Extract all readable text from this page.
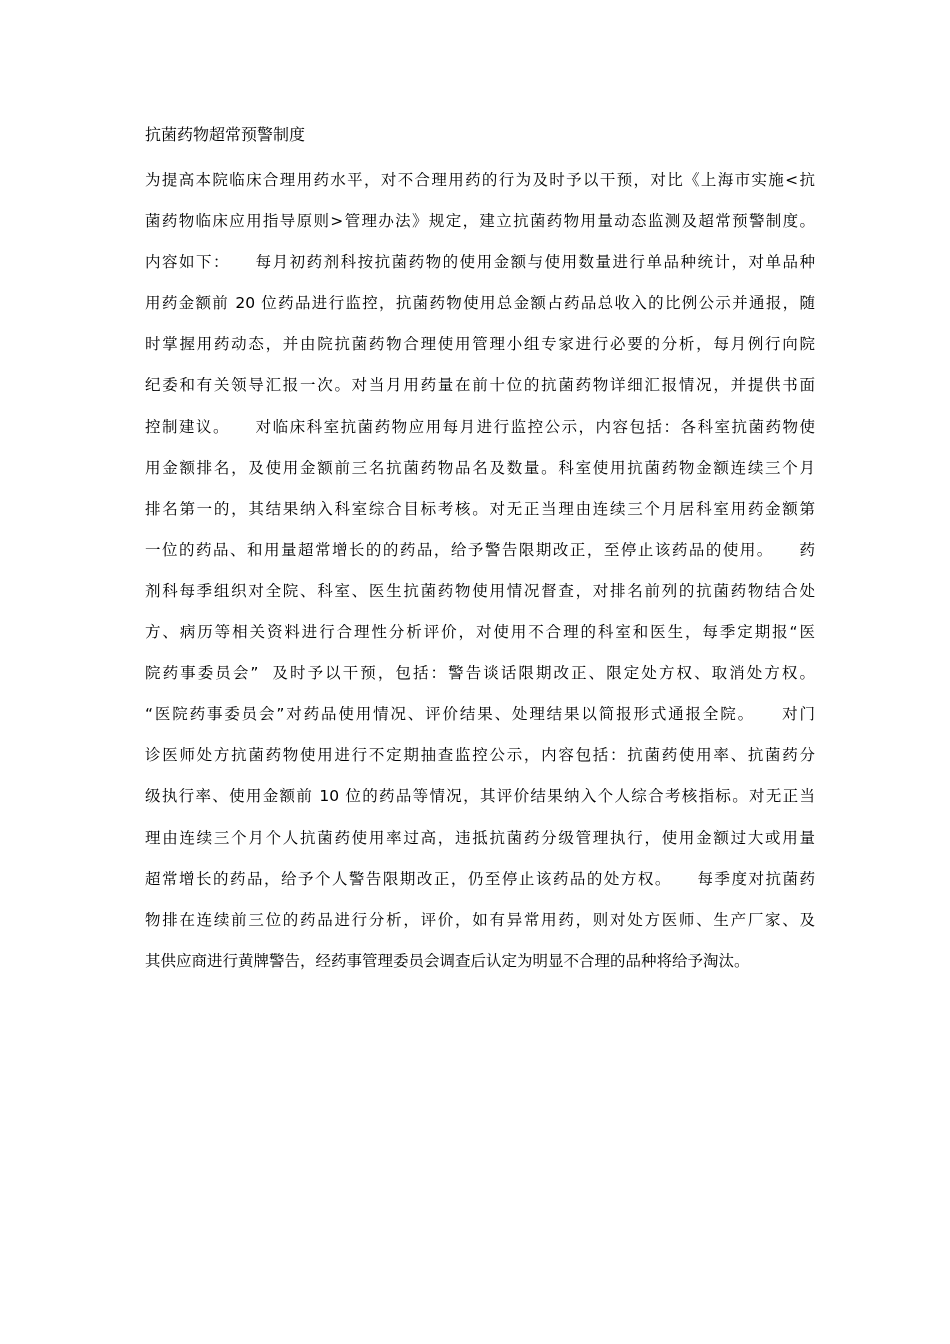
抗菌药物超常预警制度
为提高本院临床合理用药水平，对不合理用药的行为及时予以干预，对比《上海市实施<抗
菌药物临床应用指导原则>管理办法》规定，建立抗菌药物用量动态监测及超常预警制度。
内容如下：    每月初药剂科按抗菌药物的使用金额与使用数量进行单品种统计，对单品种
用药金额前 20 位药品进行监控，抗菌药物使用总金额占药品总收入的比例公示并通报，随
时掌握用药动态，并由院抗菌药物合理使用管理小组专家进行必要的分析，每月例行向院
纪委和有关领导汇报一次。对当月用药量在前十位的抗菌药物详细汇报情况，并提供书面
控制建议。    对临床科室抗菌药物应用每月进行监控公示，内容包括：各科室抗菌药物使
用金额排名，及使用金额前三名抗菌药物品名及数量。科室使用抗菌药物金额连续三个月
排名第一的，其结果纳入科室综合目标考核。对无正当理由连续三个月居科室用药金额第
一位的药品、和用量超常增长的的药品，给予警告限期改正，至停止该药品的使用。    药
剂科每季组织对全院、科室、医生抗菌药物使用情况督查，对排名前列的抗菌药物结合处
方、病历等相关资料进行合理性分析评价，对使用不合理的科室和医生，每季定期报“医
院药事委员会”  及时予以干预，包括：警告谈话限期改正、限定处方权、取消处方权。
“医院药事委员会”对药品使用情况、评价结果、处理结果以简报形式通报全院。    对门
诊医师处方抗菌药物使用进行不定期抽查监控公示，内容包括：抗菌药使用率、抗菌药分
级执行率、使用金额前 10 位的药品等情况，其评价结果纳入个人综合考核指标。对无正当
理由连续三个月个人抗菌药使用率过高，违抵抗菌药分级管理执行，使用金额过大或用量
超常增长的药品，给予个人警告限期改正，仍至停止该药品的处方权。    每季度对抗菌药
物排在连续前三位的药品进行分析，评价，如有异常用药，则对处方医师、生产厂家、及
其供应商进行黄牌警告，经药事管理委员会调查后认定为明显不合理的品种将给予淘汰。
